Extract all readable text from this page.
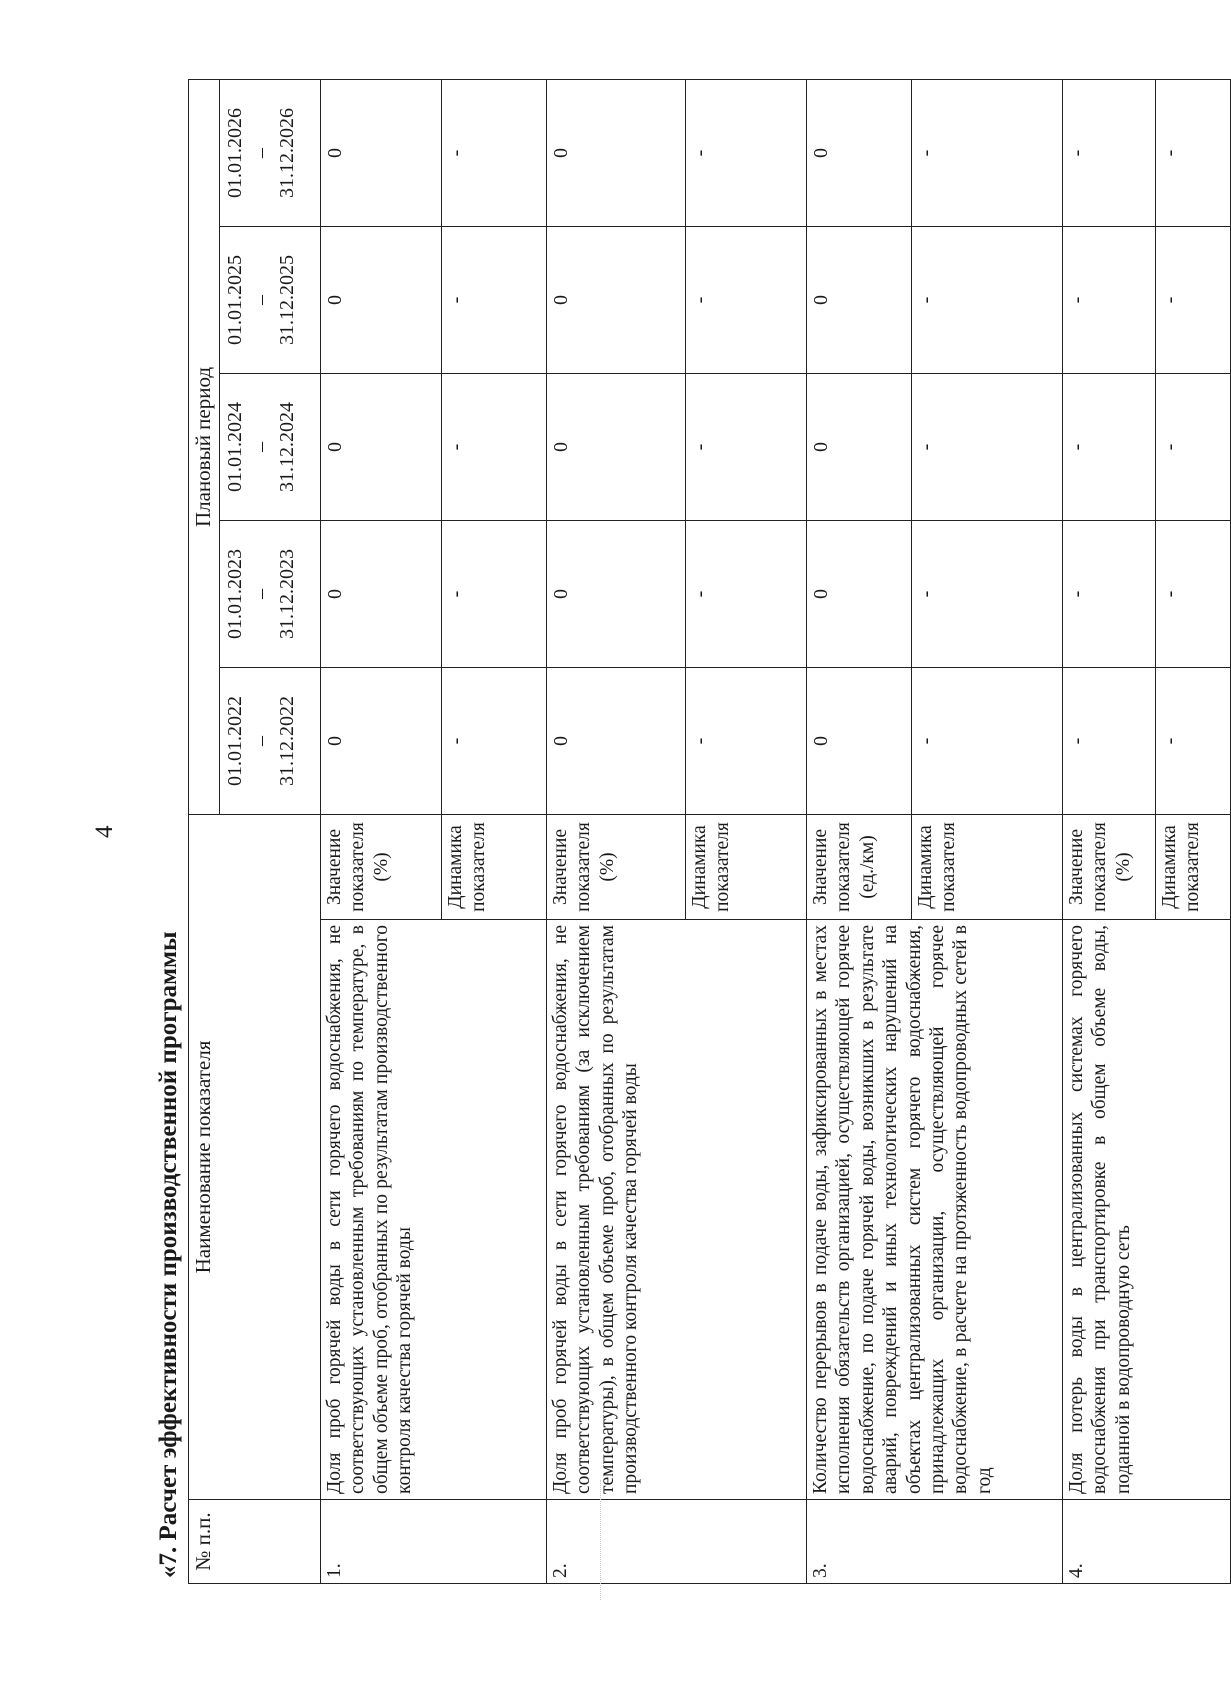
4
«7. Расчет эффективности производственной программы № п.п.	Наименование показателя		Плановый период				
			01.01.2022 – 31.12.2022	01.01.2023 – 31.12.2023	01.01.2024 – 31.12.2024	01.01.2025 – 31.12.2025	01.01.2026 – 31.12.2026
1.	Доля проб горячей воды в сети горячего водоснабжения, не соответствующих установленным требованиям по температуре, в общем объеме проб, отобранных по результатам производственного контроля качества горячей воды	Значение показателя (%)	0	0	0	0	0
		Динамика показателя	-	-	-	-	-
2.	Доля проб горячей воды в сети горячего водоснабжения, не соответствующих установленным требованиям (за исключением температуры), в общем объеме проб, отобранных по результатам производственного контроля качества горячей воды	Значение показателя (%)	0	0	0	0	0
		Динамика показателя	-	-	-	-	-
3.	Количество перерывов в подаче воды, зафиксированных в местах исполнения обязательств организацией, осуществляющей горячее водоснабжение, по подаче горячей воды, возникших в результате аварий, повреждений и иных технологических нарушений на объектах централизованных систем горячего водоснабжения, принадлежащих организации, осуществляющей горячее водоснабжение, в расчете на протяженность водопроводных сетей в год	Значение показателя (ед./км)	0	0	0	0	0
		Динамика показателя	-	-	-	-	-
4.	Доля потерь воды в централизованных системах горячего водоснабжения при транспортировке в общем объеме воды, поданной в водопроводную сеть	Значение показателя (%)	-	-	-	-	-
		Динамика показателя	-	-	-	-	-
